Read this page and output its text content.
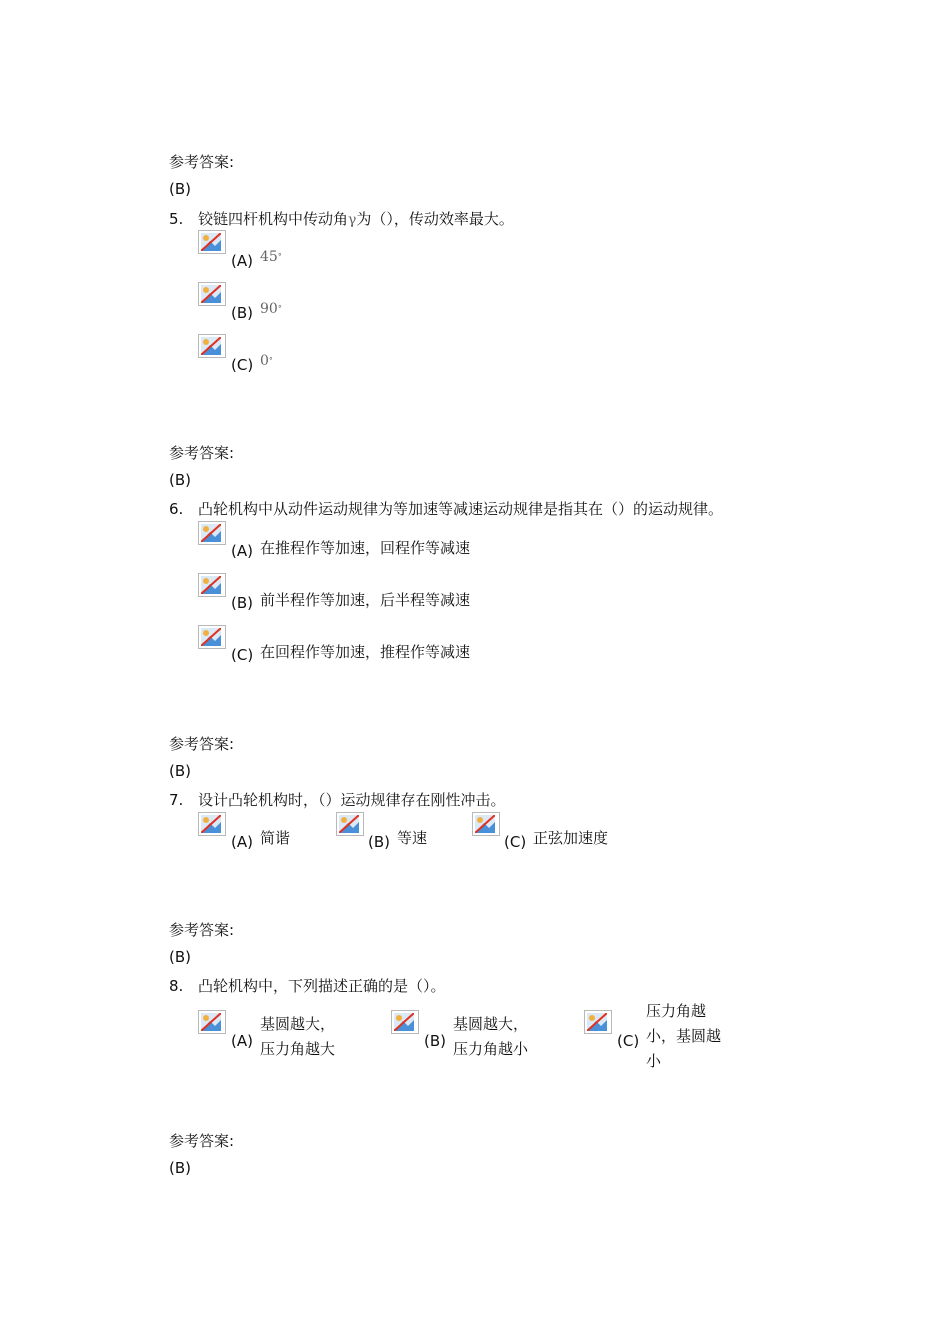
参考答案:
(B)
5. 铰链四杆机构中传动角γ为（），传动效率最大。
(A) 45°
(B) 90°
(C) 0°
参考答案:
(B)
6. 凸轮机构中从动件运动规律为等加速等减速运动规律是指其在（）的运动规律。
(A) 在推程作等加速，回程作等减速
(B) 前半程作等加速，后半程等减速
(C) 在回程作等加速，推程作等减速
参考答案:
(B)
7. 设计凸轮机构时，（）运动规律存在刚性冲击。
(A) 简谐	(B) 等速	(C) 正弦加速度
参考答案:
(B)
8. 凸轮机构中，下列描述正确的是（）。
(A)
基圆越大，压力角越大	(B)
基圆越大，压力角越小	(C)
压力角越小，基圆越小
参考答案:
(B)
